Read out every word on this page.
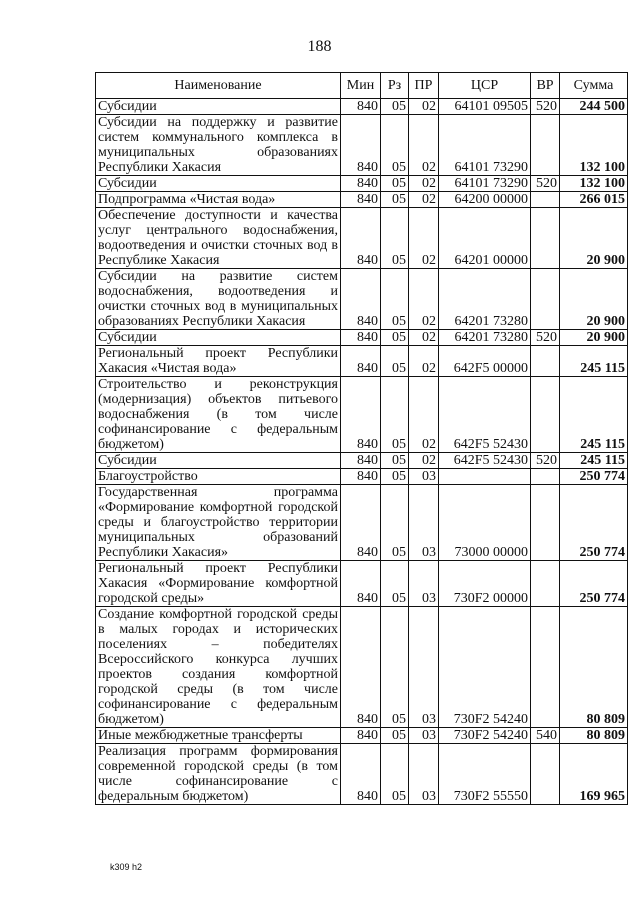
188
Наименование	Мин	Рз	ПР	ЦСР	ВР	Сумма
Субсидии	840	05	02	64101 09505	520	244 500
Субсидии на поддержку и развитие систем коммунального комплекса в муниципальных образованиях Республики Хакасия	840	05	02	64101 73290		132 100
Субсидии	840	05	02	64101 73290	520	132 100
Подпрограмма «Чистая вода»	840	05	02	64200 00000		266 015
Обеспечение доступности и качества услуг центрального водоснабжения, водоотведения и очистки сточных вод в Республике Хакасия	840	05	02	64201 00000		20 900
Субсидии на развитие систем водоснабжения, водоотведения и очистки сточных вод в муниципальных образованиях Республики Хакасия	840	05	02	64201 73280		20 900
Субсидии	840	05	02	64201 73280	520	20 900
Региональный проект Республики Хакасия «Чистая вода»	840	05	02	642F5 00000		245 115
Строительство и реконструкция (модернизация) объектов питьевого водоснабжения (в том числе софинансирование с федеральным бюджетом)	840	05	02	642F5 52430		245 115
Субсидии	840	05	02	642F5 52430	520	245 115
Благоустройство	840	05	03			250 774
Государственная программа «Формирование комфортной городской среды и благоустройство территории муниципальных образований Республики Хакасия»	840	05	03	73000 00000		250 774
Региональный проект Республики Хакасия «Формирование комфортной городской среды»	840	05	03	730F2 00000		250 774
Создание комфортной городской среды в малых городах и исторических поселениях – победителях Всероссийского конкурса лучших проектов создания комфортной городской среды (в том числе софинансирование с федеральным бюджетом)	840	05	03	730F2 54240		80 809
Иные межбюджетные трансферты	840	05	03	730F2 54240	540	80 809
Реализация программ формирования современной городской среды (в том числе софинансирование с федеральным бюджетом)	840	05	03	730F2 55550		169 965
k309 h2
